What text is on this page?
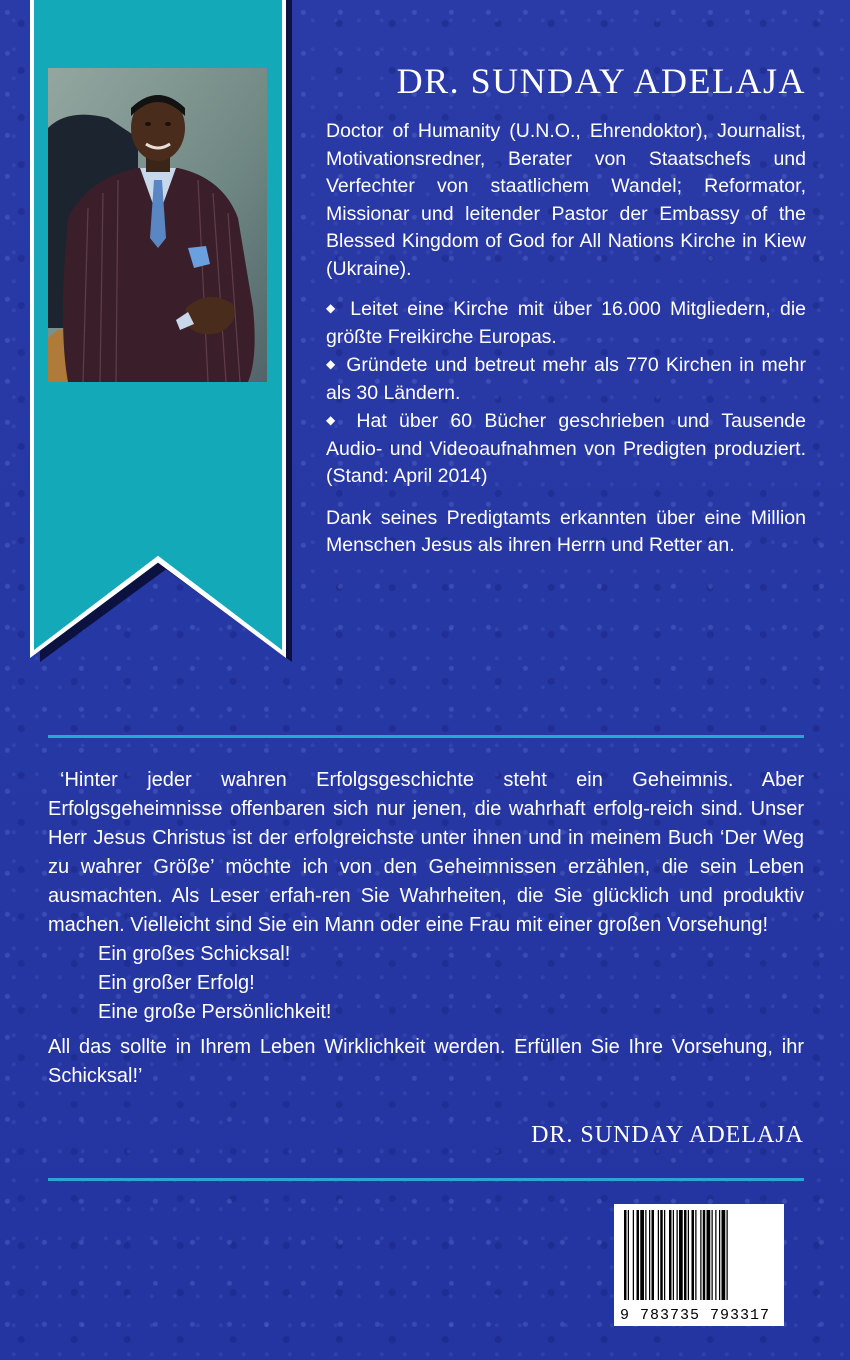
DR. SUNDAY ADELAJA

Doctor of Humanity (U.N.O., Ehrendoktor), Journalist, Motivationsredner, Berater von Staatschefs und Verfechter von staatlichem Wandel; Reformator, Missionar und leitender Pastor der Embassy of the Blessed Kingdom of God for All Nations Kirche in Kiew (Ukraine).

◆ Leitet eine Kirche mit über 16.000 Mitgliedern, die größte Freikirche Europas.

◆ Gründete und betreut mehr als 770 Kirchen in mehr als 30 Ländern.

◆ Hat über 60 Bücher geschrieben und Tausende Audio- und Videoaufnahmen von Predigten produziert. (Stand: April 2014)

Dank seines Predigtamts erkannten über eine Million Menschen Jesus als ihren Herrn und Retter an.

‘Hinter jeder wahren Erfolgsgeschichte steht ein Geheimnis. Aber Erfolgsgeheimnisse offenbaren sich nur jenen, die wahrhaft erfolg-reich sind. Unser Herr Jesus Christus ist der erfolgreichste unter ihnen und in meinem Buch ‘Der Weg zu wahrer Größe’ möchte ich von den Geheimnissen erzählen, die sein Leben ausmachten. Als Leser erfah-ren Sie Wahrheiten, die Sie glücklich und produktiv machen. Vielleicht sind Sie ein Mann oder eine Frau mit einer großen Vorsehung!

Ein großes Schicksal!

Ein großer Erfolg!

Eine große Persönlichkeit!

All das sollte in Ihrem Leben Wirklichkeit werden. Erfüllen Sie Ihre Vorsehung, ihr Schicksal!’

DR. SUNDAY ADELAJA
9 783735 793317
